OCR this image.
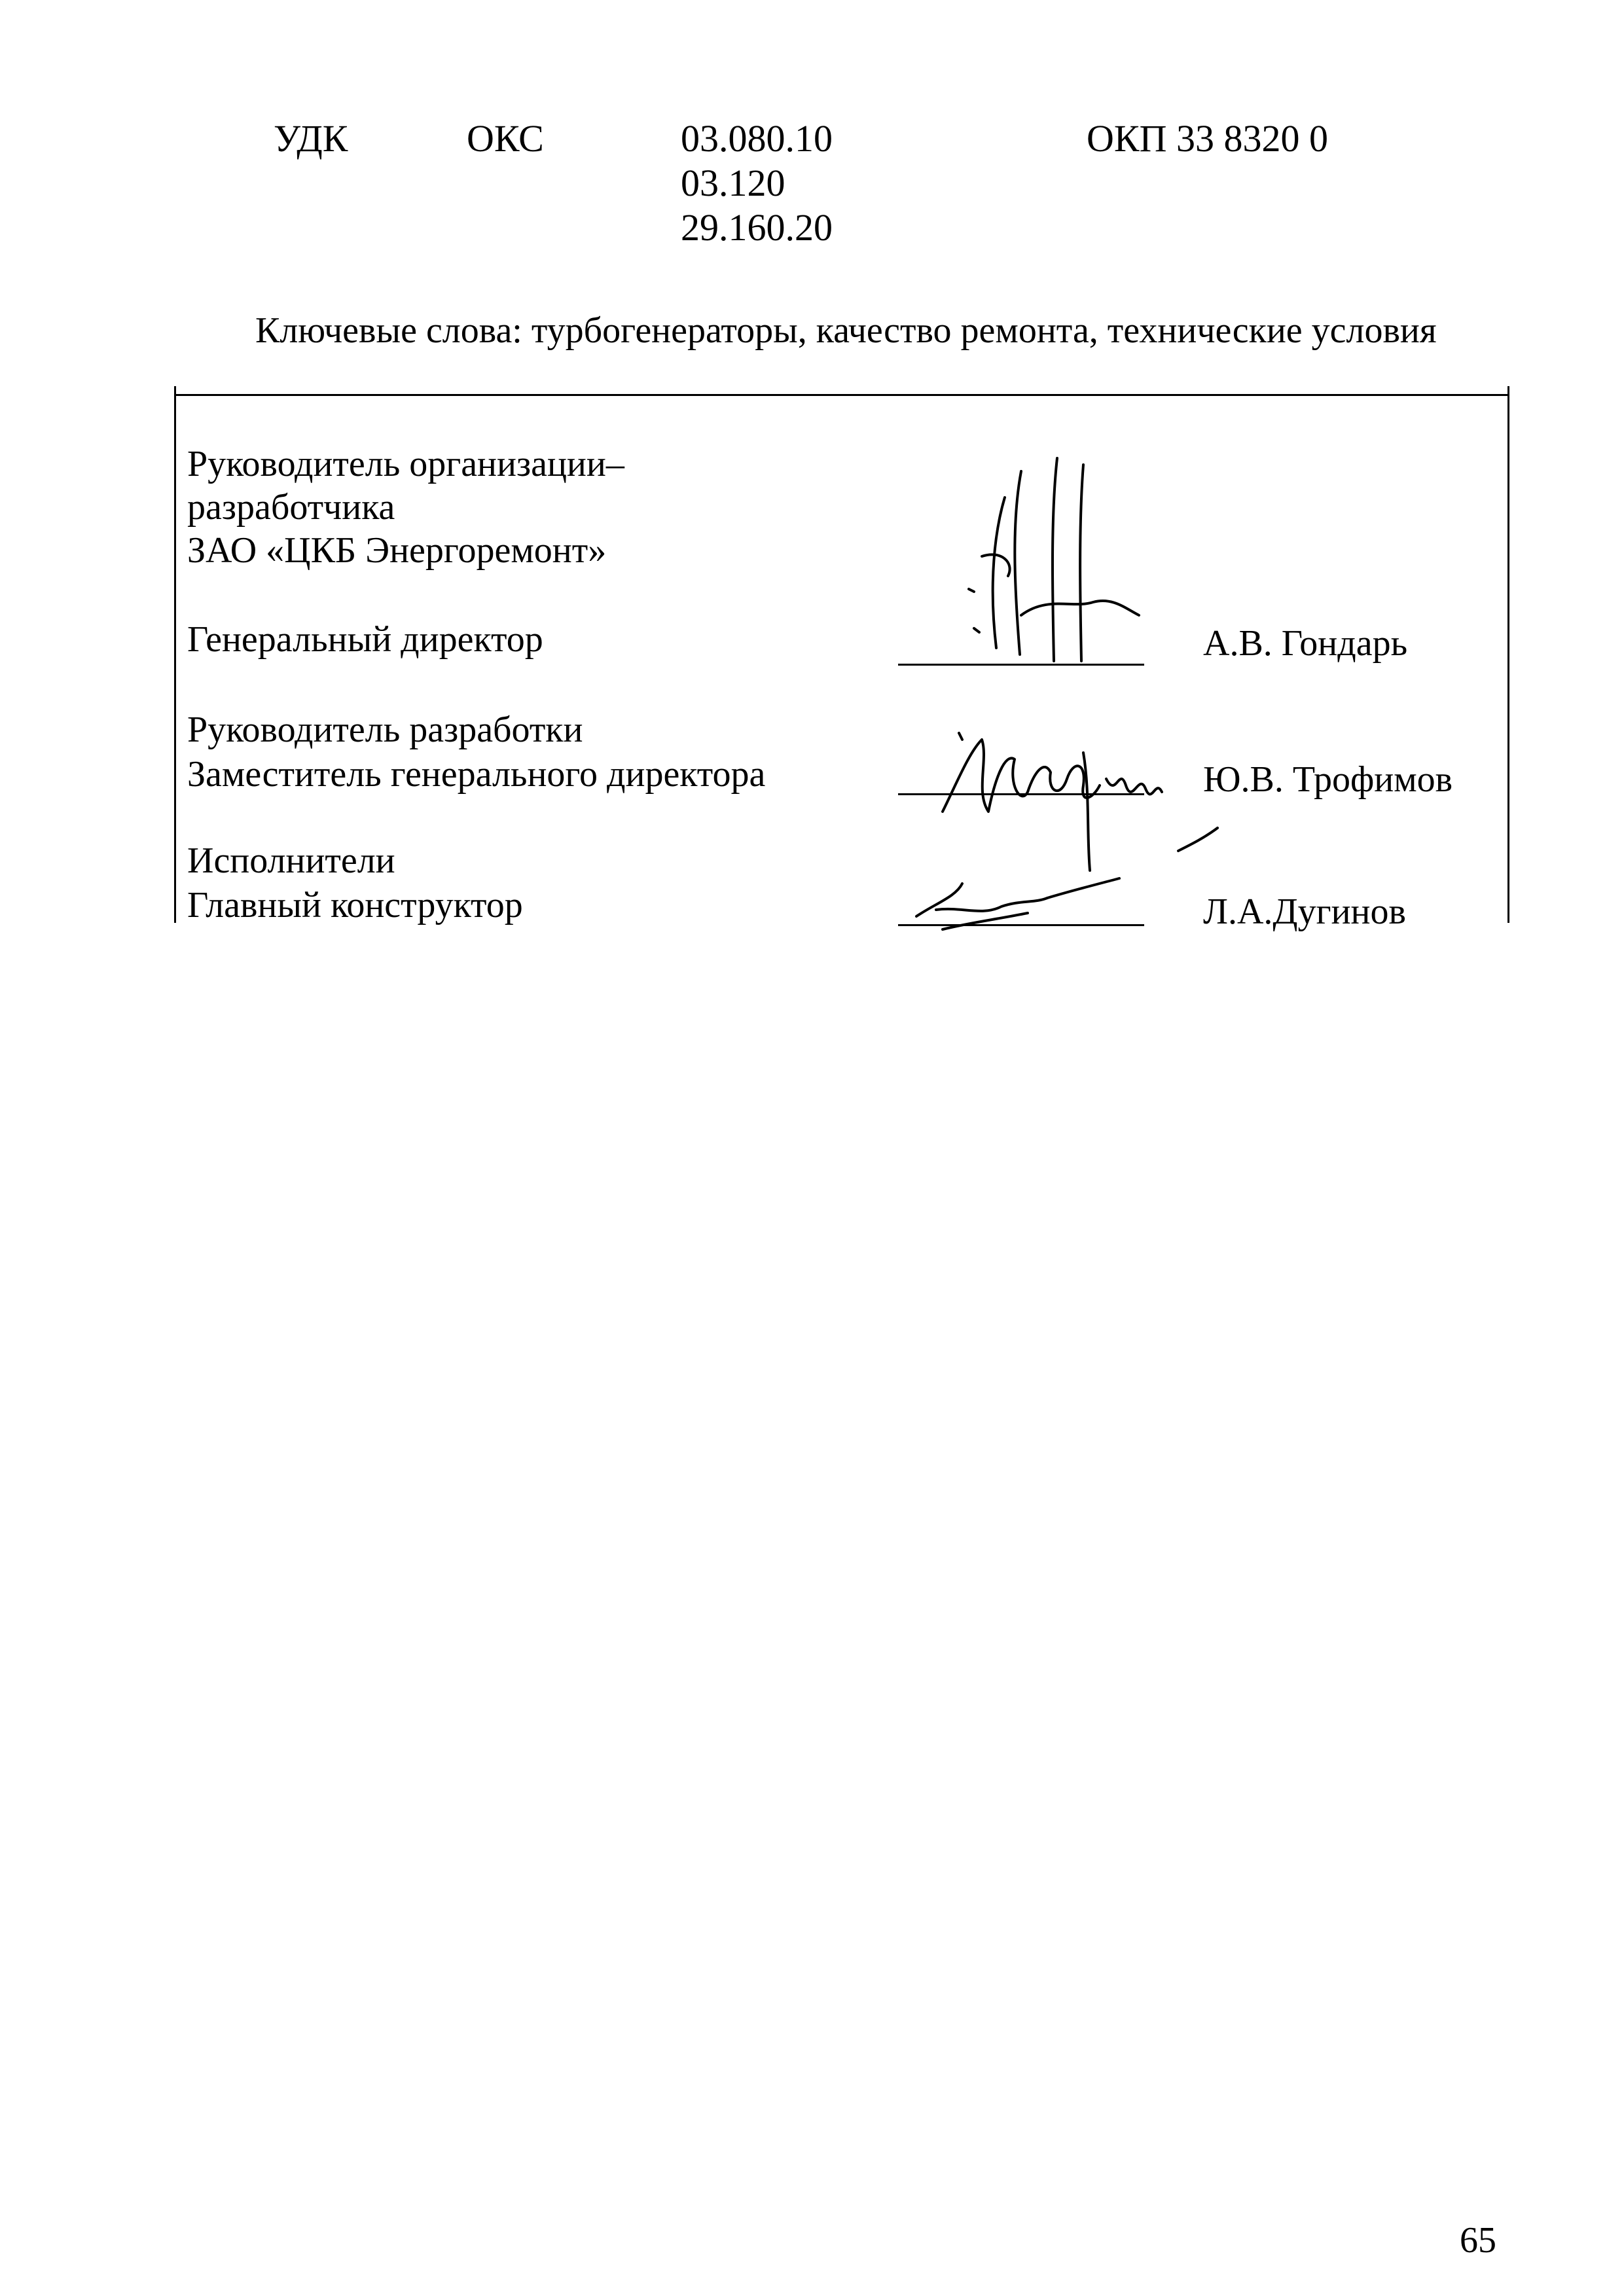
УДК	ОКС	03.080.10
03.120
29.160.20
ОКП 33 8320 0
Ключевые слова: турбогенераторы, качество ремонта, технические условия
Руководитель организации–
разработчика
ЗАО «ЦКБ Энергоремонт»
Генеральный директор	А.В. Гондарь
Руководитель разработки
Заместитель генерального директора	Ю.В. Трофимов
Исполнители
Главный конструктор	Л.А.Дугинов
65
